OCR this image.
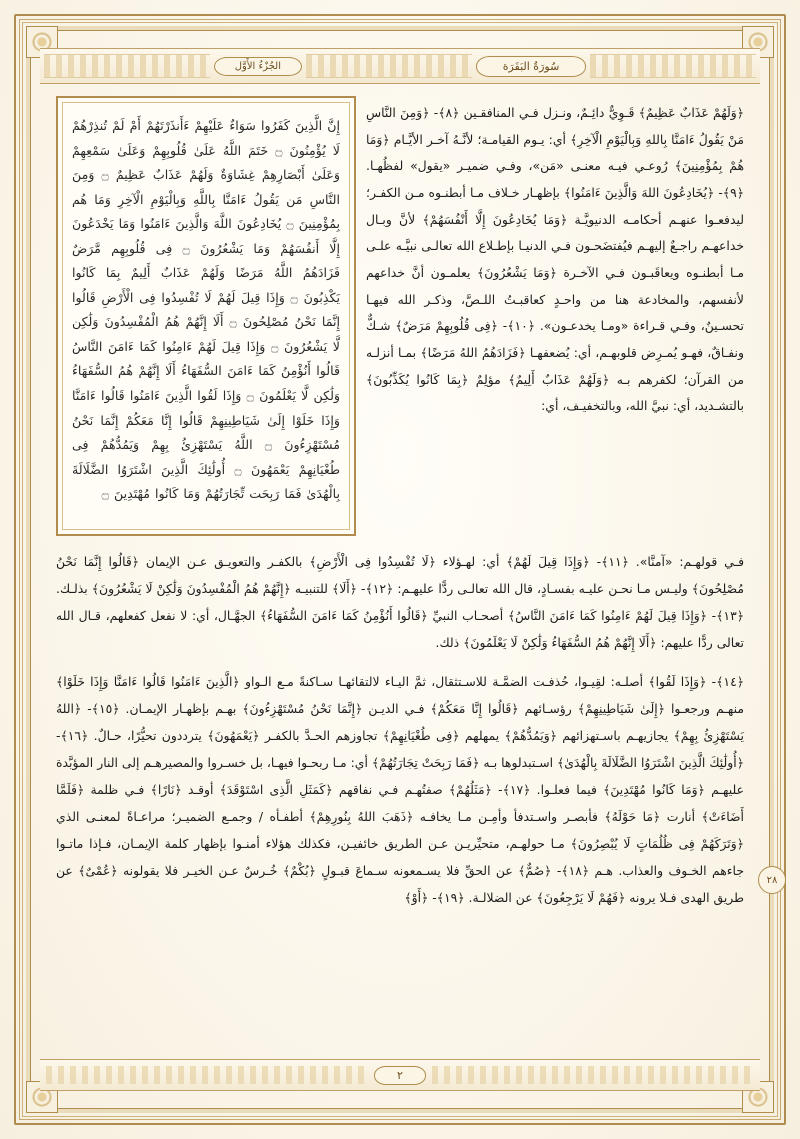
سُورَةُ البَقَرَة
الجُزْءُ الأَوَّل
﴿وَلَهُمْ عَذَابٌ عَظِيمٌ﴾ قَـوِيٌّ دائِـمٌ، ونـزل فـي المنافقـين ﴿٨﴾- ﴿وَمِنَ النَّاسِ مَنْ يَقُولُ ءَامَنَّا بِاللهِ وَبِالْيَوْمِ الْآخِرِ﴾ أي: يـوم القيامـة؛ لأنَّـهُ آخـر الأيَّـام ﴿وَمَا هُمْ بِمُؤْمِنِينَ﴾ رُوعـي فيـه معنـى «مَن»، وفـي ضميـر «يقول» لفظُهـا. ﴿٩﴾- ﴿يُخَادِعُونَ اللهَ وَالَّذِينَ ءَامَنُوا﴾ بإظهـار خـلاف مـا أبطنـوه مـن الكفـر؛ ليدفعـوا عنهـم أحكامـه الدنيويَّـة ﴿وَمَا يُخَادِعُونَ إِلَّا أَنْفُسَهُمْ﴾ لأنَّ وبـال خداعهـم راجـعٌ إليهـم فيُفتضَحـون فـي الدنيـا بإطـلاع الله تعالـى نبيَّـه علـى مـا أبطنـوه ويعاقَبـون فـي الآخـرة ﴿وَمَا يَشْعُرُونَ﴾ يعلمـون أنَّ خداعهم لأنفسهم، والمخادعة هنا من واحـدٍ كعاقبـتُ اللـصَّ، وذكـر الله فيهـا تحسـينٌ، وفـي قـراءة «ومـا يخدعـون». ﴿١٠﴾- ﴿فِى قُلُوبِهِمْ مَرَضٌ﴾ شـكٌّ ونفـاقٌ، فهـو يُمـرِض قلوبهـم، أي: يُضعفهـا ﴿فَزَادَهُمُ اللهُ مَرَضًا﴾ بمـا أنزلـه من القرآن؛ لكفرهم بـه ﴿وَلَهُمْ عَذَابٌ أَلِيمٌ﴾ مؤلِمٌ ﴿بِمَا كَانُوا يُكَذِّبُونَ﴾ بالتشـديد، أي: نبيَّ الله، وبالتخفيـف، أي:
إِنَّ الَّذِينَ كَفَرُوا سَوَاءٌ عَلَيْهِمْ ءَأَنذَرْتَهُمْ أَمْ لَمْ تُنذِرْهُمْ لَا يُؤْمِنُونَ ۝ خَتَمَ اللَّهُ عَلَىٰ قُلُوبِهِمْ وَعَلَىٰ سَمْعِهِمْ وَعَلَىٰ أَبْصَارِهِمْ غِشَاوَةٌ وَلَهُمْ عَذَابٌ عَظِيمٌ ۝ وَمِنَ النَّاسِ مَن يَقُولُ ءَامَنَّا بِاللَّهِ وَبِالْيَوْمِ الْآخِرِ وَمَا هُم بِمُؤْمِنِينَ ۝ يُخَادِعُونَ اللَّهَ وَالَّذِينَ ءَامَنُوا وَمَا يَخْدَعُونَ إِلَّا أَنفُسَهُمْ وَمَا يَشْعُرُونَ ۝ فِى قُلُوبِهِم مَّرَضٌ فَزَادَهُمُ اللَّهُ مَرَضًا وَلَهُمْ عَذَابٌ أَلِيمٌ بِمَا كَانُوا يَكْذِبُونَ ۝ وَإِذَا قِيلَ لَهُمْ لَا تُفْسِدُوا فِى الْأَرْضِ قَالُوا إِنَّمَا نَحْنُ مُصْلِحُونَ ۝ أَلَا إِنَّهُمْ هُمُ الْمُفْسِدُونَ وَلَٰكِن لَّا يَشْعُرُونَ ۝ وَإِذَا قِيلَ لَهُمْ ءَامِنُوا كَمَا ءَامَنَ النَّاسُ قَالُوا أَنُؤْمِنُ كَمَا ءَامَنَ السُّفَهَاءُ أَلَا إِنَّهُمْ هُمُ السُّفَهَاءُ وَلَٰكِن لَّا يَعْلَمُونَ ۝ وَإِذَا لَقُوا الَّذِينَ ءَامَنُوا قَالُوا ءَامَنَّا وَإِذَا خَلَوْا إِلَىٰ شَيَاطِينِهِمْ قَالُوا إِنَّا مَعَكُمْ إِنَّمَا نَحْنُ مُسْتَهْزِءُونَ ۝ اللَّهُ يَسْتَهْزِئُ بِهِمْ وَيَمُدُّهُمْ فِى طُغْيَانِهِمْ يَعْمَهُونَ ۝ أُولَٰئِكَ الَّذِينَ اشْتَرَوُا الضَّلَالَةَ بِالْهُدَىٰ فَمَا رَبِحَت تِّجَارَتُهُمْ وَمَا كَانُوا مُهْتَدِينَ ۝
فـي قولهـم: «آمنَّا». ﴿١١﴾- ﴿وَإِذَا قِيلَ لَهُمْ﴾ أي: لهـؤلاء ﴿لَا تُفْسِدُوا فِى الْأَرْضِ﴾ بالكفـر والتعويـق عـن الإيمان ﴿قَالُوا إِنَّمَا نَحْنُ مُصْلِحُونَ﴾ وليـس مـا نحـن عليـه بفسـادٍ، قال الله تعالـى ردًّا عليهـم: ﴿١٢﴾- ﴿أَلَا﴾ للتنبيـه ﴿إِنَّهُمْ هُمُ الْمُفْسِدُونَ وَلَٰكِنْ لَا يَشْعُرُونَ﴾ بذلـك. ﴿١٣﴾- ﴿وَإِذَا قِيلَ لَهُمْ ءَامِنُوا كَمَا ءَامَنَ النَّاسُ﴾ أصحـاب النبيِّ ﴿قَالُوا أَنُؤْمِنُ كَمَا ءَامَنَ السُّفَهَاءُ﴾ الجهَّـال، أي: لا نفعل كفعلهم، قـال الله تعالى ردًّا عليهم: ﴿أَلَا إِنَّهُمْ هُمُ السُّفَهَاءُ وَلَٰكِنْ لَا يَعْلَمُونَ﴾ ذلك.
﴿١٤﴾- ﴿وَإِذَا لَقُوا﴾ أصلـه: لقِيـوا، حُذفـت الضمَّـة للاسـتثقال، ثمَّ اليـاء لالتقائهـا سـاكنةً مـع الـواو ﴿الَّذِينَ ءَامَنُوا قَالُوا ءَامَنَّا وَإِذَا خَلَوْا﴾ منهـم ورجعـوا ﴿إِلَىٰ شَيَاطِينِهِمْ﴾ رؤسـائهم ﴿قَالُوا إِنَّا مَعَكُمْ﴾ فـي الديـن ﴿إِنَّمَا نَحْنُ مُسْتَهْزِءُونَ﴾ بهـم بإظهـار الإيمـان. ﴿١٥﴾- ﴿اللهُ يَسْتَهْزِئُ بِهِمْ﴾ يجازيهـم باسـتهزائهم ﴿وَيَمُدُّهُمْ﴾ يمهلهم ﴿فِى طُغْيَانِهِمْ﴾ تجاوزهم الحـدَّ بالكفـر ﴿يَعْمَهُونَ﴾ يترددون تحيُّرًا، حـالٌ. ﴿١٦﴾- ﴿أُولَٰئِكَ الَّذِينَ اشْتَرَوُا الضَّلَالَةَ بِالْهُدَىٰ﴾ اسـتبدلوها بـه ﴿فَمَا رَبِحَتْ تِجَارَتُهُمْ﴾ أي: مـا ربحـوا فيهـا، بل خسـروا والمصيرهـم إلى النار المؤبَّدة عليهـم ﴿وَمَا كَانُوا مُهْتَدِينَ﴾ فيما فعلـوا. ﴿١٧﴾- ﴿مَثَلُهُمْ﴾ صفتُهـم فـي نفاقهم ﴿كَمَثَلِ الَّذِى اسْتَوْقَدَ﴾ أوقـد ﴿نَارًا﴾ فـي ظلمة ﴿فَلَمَّا أَضَاءَتْ﴾ أنارت ﴿مَا حَوْلَهُ﴾ فأبصـر واسـتدفأ وأمِـن مـا يخافـه ﴿ذَهَبَ اللهُ بِنُورِهِمْ﴾ أطفـأه / وجمـع الضميـر؛ مراعـاةً لمعنـى الذي ﴿وَتَرَكَهُمْ فِى ظُلُمَاتٍ لَا يُبْصِرُونَ﴾ مـا حولهـم، متحيِّريـن عـن الطريق خائفيـن، فكذلك هؤلاء أمنـوا بإظهار كلمة الإيمـان، فـإذا ماتـوا جاءهم الخـوف والعذاب. هـم ﴿١٨﴾- ﴿صُمٌّ﴾ عن الحقِّ فلا يسـمعونه سـماعَ قبـولٍ ﴿بُكْمٌ﴾ خُـرسٌ عـن الخيـر فلا يقولونه ﴿عُمْىٌ﴾ عن طريق الهدى فـلا يرونه ﴿فَهُمْ لَا يَرْجِعُونَ﴾ عن الضلالـة. ﴿١٩﴾- ﴿أَوْ﴾
٢٨
٢
